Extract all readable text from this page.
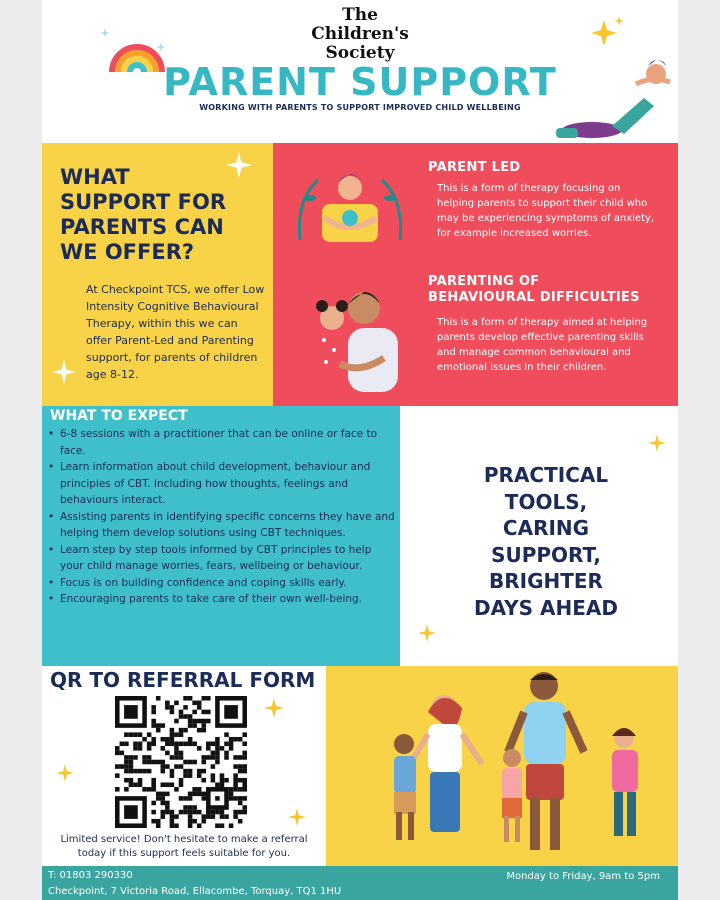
The
Children's
Society
PARENT SUPPORT
WORKING WITH PARENTS TO SUPPORT IMPROVED CHILD WELLBEING
WHAT
SUPPORT FOR
PARENTS CAN
WE OFFER?
At Checkpoint TCS, we offer Low Intensity Cognitive Behavioural Therapy, within this we can offer Parent-Led and Parenting support, for parents of children age 8-12.
PARENT LED
This is a form of therapy focusing on helping parents to support their child who may be experiencing symptoms of anxiety, for example increased worries.
PARENTING OF
BEHAVIOURAL DIFFICULTIES
This is a form of therapy aimed at helping parents develop effective parenting skills and manage common behavioural and emotional issues in their children.
WHAT TO EXPECT
• 6-8 sessions with a practitioner that can be online or face to face.
• Learn information about child development, behaviour and principles of CBT. Including how thoughts, feelings and behaviours interact.
• Assisting parents in identifying specific concerns they have and helping them develop solutions using CBT techniques.
• Learn step by step tools informed by CBT principles to help your child manage worries, fears, wellbeing or behaviour.
• Focus is on building confidence and coping skills early.
• Encouraging parents to take care of their own well-being.
PRACTICAL
TOOLS,
CARING
SUPPORT,
BRIGHTER
DAYS AHEAD
QR TO REFERRAL FORM
Limited service! Don't hesitate to make a referral
today if this support feels suitable for you.
T: 01803 290330
Checkpoint, 7 Victoria Road, Ellacombe, Torquay, TQ1 1HU
Monday to Friday, 9am to 5pm
